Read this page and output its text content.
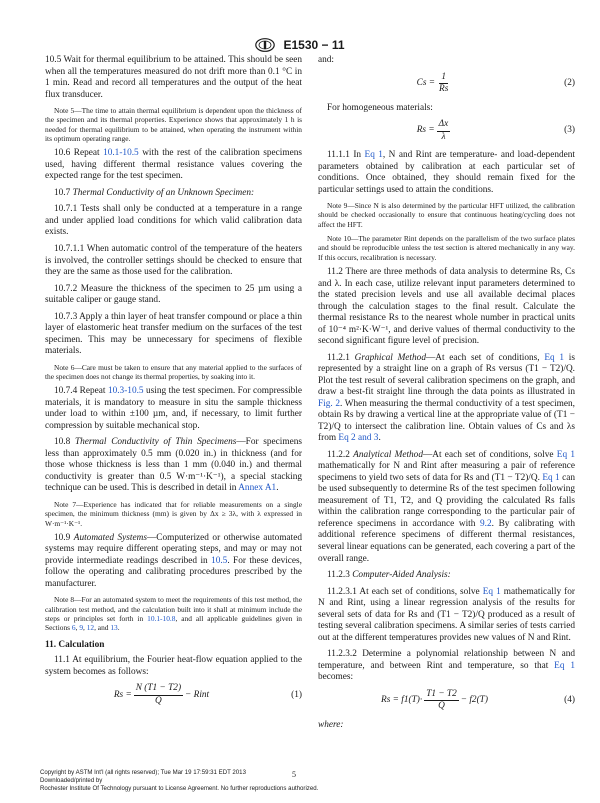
E1530 − 11

10.5 Wait for thermal equilibrium to be attained. This should be seen when all the temperatures measured do not drift more than 0.1 °C in 1 min. Read and record all temperatures and the output of the heat flux transducer.

Note 5—The time to attain thermal equilibrium is dependent upon the thickness of the specimen and its thermal properties. Experience shows that approximately 1 h is needed for thermal equilibrium to be attained, when operating the instrument within its optimum operating range.

10.6 Repeat 10.1-10.5 with the rest of the calibration specimens used, having different thermal resistance values covering the expected range for the test specimen.

10.7 Thermal Conductivity of an Unknown Specimen:

10.7.1 Tests shall only be conducted at a temperature in a range and under applied load conditions for which valid calibration data exists.

10.7.1.1 When automatic control of the temperature of the heaters is involved, the controller settings should be checked to ensure that they are the same as those used for the calibration.

10.7.2 Measure the thickness of the specimen to 25 µm using a suitable caliper or gauge stand.

10.7.3 Apply a thin layer of heat transfer compound or place a thin layer of elastomeric heat transfer medium on the surfaces of the test specimen. This may be unnecessary for specimens of flexible materials.

Note 6—Care must be taken to ensure that any material applied to the surfaces of the specimen does not change its thermal properties, by soaking into it.

10.7.4 Repeat 10.3-10.5 using the test specimen. For compressible materials, it is mandatory to measure in situ the sample thickness under load to within ±100 µm, and, if necessary, to limit further compression by suitable mechanical stop.

10.8 Thermal Conductivity of Thin Specimens—For specimens less than approximately 0.5 mm (0.020 in.) in thickness (and for those whose thickness is less than 1 mm (0.040 in.) and thermal conductivity is greater than 0.5 W·m⁻¹·K⁻¹), a special stacking technique can be used. This is described in detail in Annex A1.

Note 7—Experience has indicated that for reliable measurements on a single specimen, the minimum thickness (mm) is given by Δx ≥ 3λ, with λ expressed in W·m⁻¹·K⁻¹.

10.9 Automated Systems—Computerized or otherwise automated systems may require different operating steps, and may or may not provide intermediate readings described in 10.5. For these devices, follow the operating and calibrating procedures prescribed by the manufacturer.

Note 8—For an automated system to meet the requirements of this test method, the calibration test method, and the calculation built into it shall at minimum include the steps or principles set forth in 10.1-10.8, and all applicable guidelines given in Sections 6, 9, 12, and 13.

11. Calculation

11.1 At equilibrium, the Fourier heat-flow equation applied to the system becomes as follows:

$Rs = \frac{N (T1 - T2)}{Q}$ − Rint	(1)

and:

$Cs = \frac{1}{Rs}$	(2)

For homogeneous materials:

$Rs = \frac{\Delta x}{\lambda}$	(3)

11.1.1 In Eq 1, N and Rint are temperature- and load-dependent parameters obtained by calibration at each particular set of conditions. Once obtained, they should remain fixed for the particular settings used to attain the conditions.

Note 9—Since N is also determined by the particular HFT utilized, the calibration should be checked occasionally to ensure that continuous heating/cycling does not affect the HFT.

Note 10—The parameter Rint depends on the parallelism of the two surface plates and should be reproducible unless the test section is altered mechanically in any way. If this occurs, recalibration is necessary.

11.2 There are three methods of data analysis to determine Rs, Cs and λ. In each case, utilize relevant input parameters determined to the stated precision levels and use all available decimal places through the calculation stages to the final result. Calculate the thermal resistance Rs to the nearest whole number in practical units of 10⁻⁴ m²·K·W⁻¹, and derive values of thermal conductivity to the second significant figure level of precision.

11.2.1 Graphical Method—At each set of conditions, Eq 1 is represented by a straight line on a graph of Rs versus (T1 − T2)/Q. Plot the test result of several calibration specimens on the graph, and draw a best-fit straight line through the data points as illustrated in Fig. 2. When measuring the thermal conductivity of a test specimen, obtain Rs by drawing a vertical line at the appropriate value of (T1 − T2)/Q to intersect the calibration line. Obtain values of Cs and λs from Eq 2 and 3.

11.2.2 Analytical Method—At each set of conditions, solve Eq 1 mathematically for N and Rint after measuring a pair of reference specimens to yield two sets of data for Rs and (T1 − T2)/Q. Eq 1 can be used subsequently to determine Rs of the test specimen following measurement of T1, T2, and Q providing the calculated Rs falls within the calibration range corresponding to the particular pair of reference specimens in accordance with 9.2. By calibrating with additional reference specimens of different thermal resistances, several linear equations can be generated, each covering a part of the overall range.

11.2.3 Computer-Aided Analysis:

11.2.3.1 At each set of conditions, solve Eq 1 mathematically for N and Rint, using a linear regression analysis of the results for several sets of data for Rs and (T1 − T2)/Q produced as a result of testing several calibration specimens. A similar series of tests carried out at the different temperatures provides new values of N and Rint.

11.2.3.2 Determine a polynomial relationship between N and temperature, and between Rint and temperature, so that Eq 1 becomes:

$Rs = f1(T)\cdot \frac{T1 - T2}{Q} - f2(T)$	(4)

where:

Copyright by ASTM Int'l (all rights reserved); Tue Mar 19 17:59:31 EDT 2013
Downloaded/printed by
Rochester Institute Of Technology pursuant to License Agreement. No further reproductions authorized.
5
